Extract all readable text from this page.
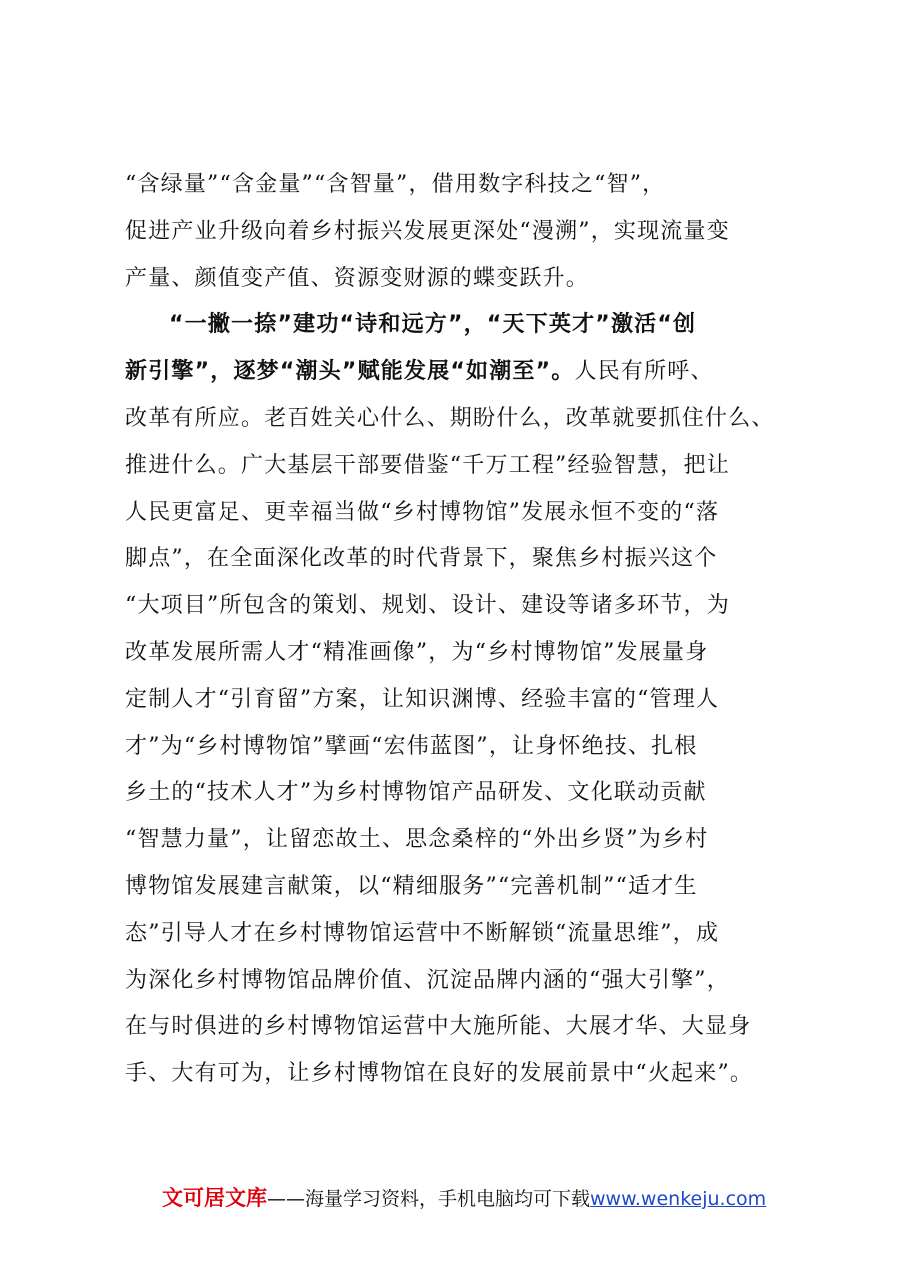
“含绿量”“含金量”“含智量”，借用数字科技之“智”，
促进产业升级向着乡村振兴发展更深处“漫溯”，实现流量变
产量、颜值变产值、资源变财源的蝶变跃升。
“一撇一捺”建功“诗和远方”，“天下英才”激活“创
新引擎”，逐梦“潮头”赋能发展“如潮至”。人民有所呼、
改革有所应。老百姓关心什么、期盼什么，改革就要抓住什么、
推进什么。广大基层干部要借鉴“千万工程”经验智慧，把让
人民更富足、更幸福当做“乡村博物馆”发展永恒不变的“落
脚点”，在全面深化改革的时代背景下，聚焦乡村振兴这个
“大项目”所包含的策划、规划、设计、建设等诸多环节，为
改革发展所需人才“精准画像”，为“乡村博物馆”发展量身
定制人才“引育留”方案，让知识渊博、经验丰富的“管理人
才”为“乡村博物馆”擘画“宏伟蓝图”，让身怀绝技、扎根
乡土的“技术人才”为乡村博物馆产品研发、文化联动贡献
“智慧力量”，让留恋故土、思念桑梓的“外出乡贤”为乡村
博物馆发展建言献策，以“精细服务”“完善机制”“适才生
态”引导人才在乡村博物馆运营中不断解锁“流量思维”，成
为深化乡村博物馆品牌价值、沉淀品牌内涵的“强大引擎”，
在与时俱进的乡村博物馆运营中大施所能、大展才华、大显身
手、大有可为，让乡村博物馆在良好的发展前景中“火起来”。
文可居文库——海量学习资料，手机电脑均可下载www.wenkeju.com
